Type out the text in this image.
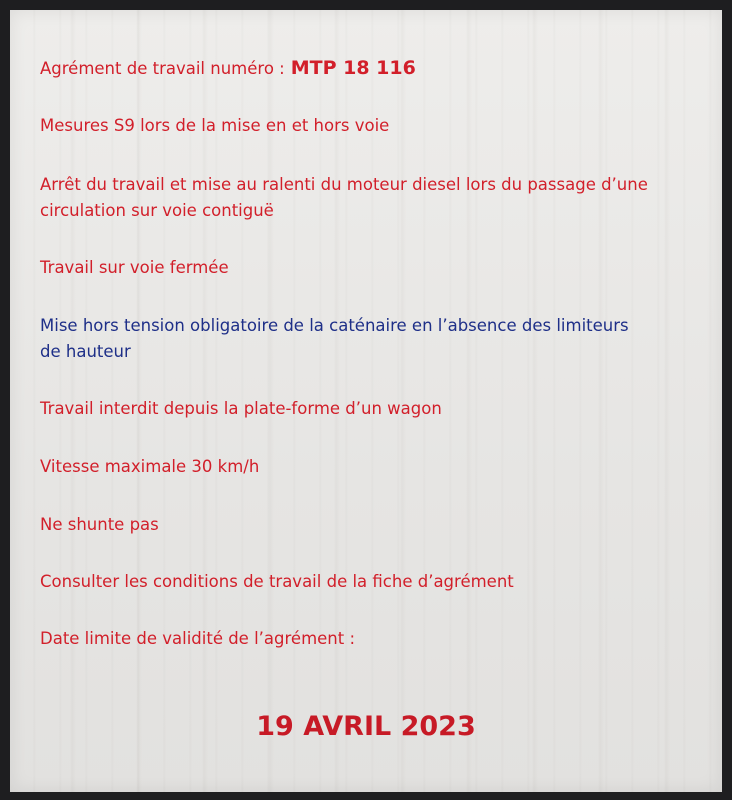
Agrément de travail numéro : MTP 18 116
Mesures S9 lors de la mise en et hors voie
Arrêt du travail et mise au ralenti du moteur diesel lors du passage d’une
circulation sur voie contiguë
Travail sur voie fermée
Mise hors tension obligatoire de la caténaire en l’absence des limiteurs
de hauteur
Travail interdit depuis la plate-forme d’un wagon
Vitesse maximale 30 km/h
Ne shunte pas
Consulter les conditions de travail de la fiche d’agrément
Date limite de validité de l’agrément :
19 AVRIL 2023
